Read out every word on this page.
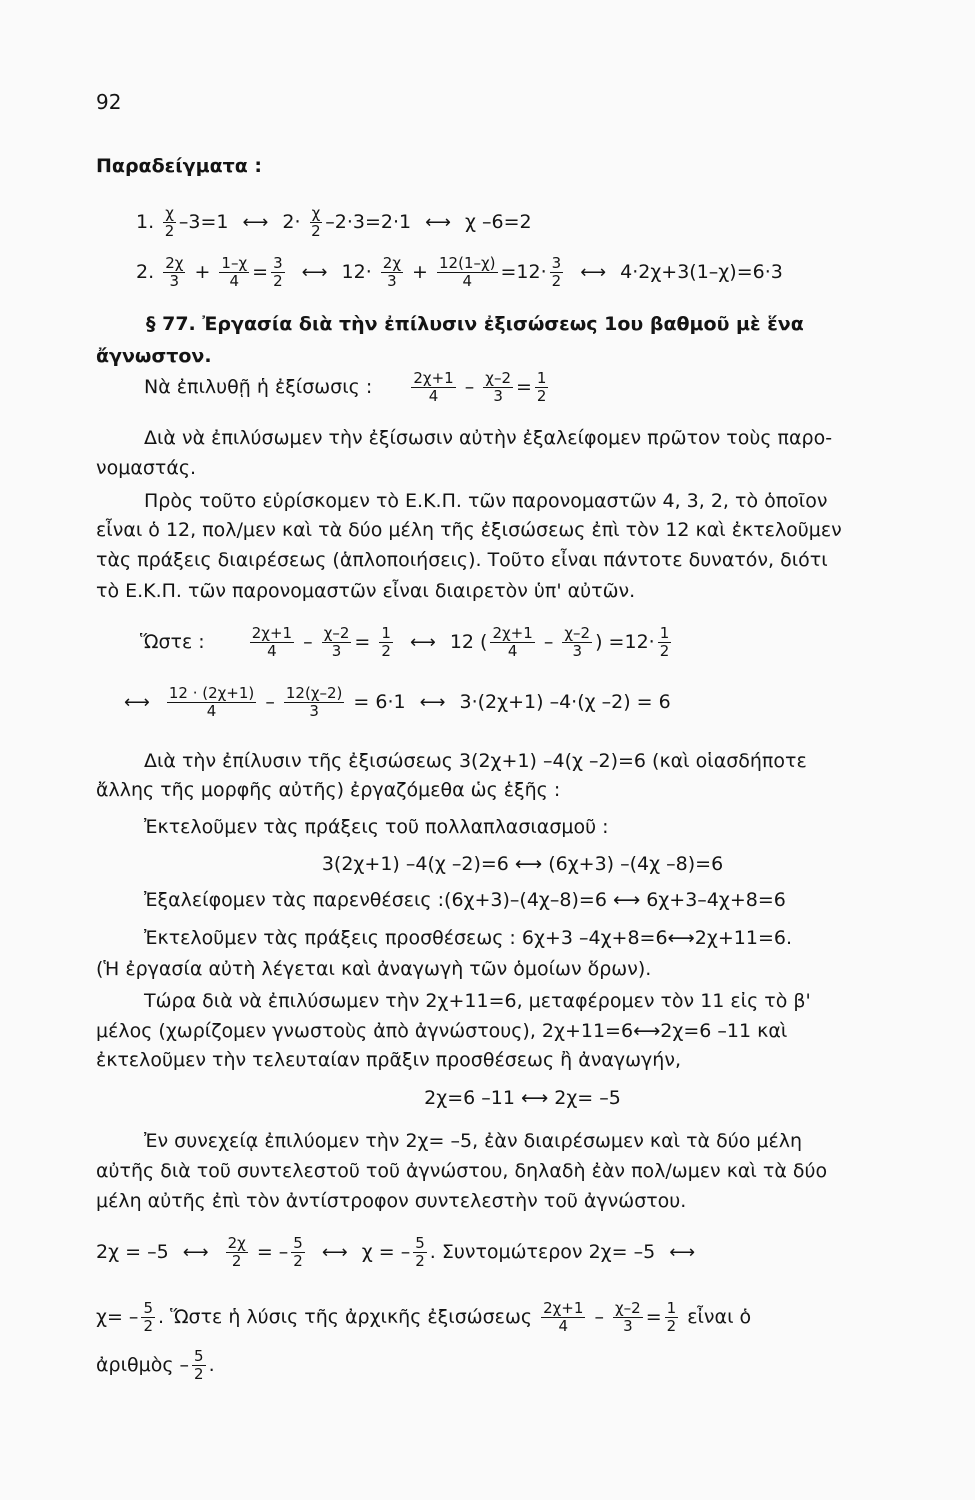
92
Παραδείγματα :
1. $\frac{\chi}{2} -3=1$ ⟷ $2\cdot \frac{\chi}{2} -2\cdot 3=2\cdot 1$ ⟷ χ –6=2
2. $\frac{2\chi}{3} + \frac{1-\chi}{4} = \frac{3}{2}$ ⟷ $12\cdot \frac{2\chi}{3} + \frac{12(1-\chi)}{4} =12\cdot \frac{3}{2}$ ⟷ 4·2χ+3(1–χ)=6·3
§ 77. Ἐργασία διὰ τὴν ἐπίλυσιν ἐξισώσεως 1ου βαθμοῦ μὲ ἕνα
ἄγνωστον.
Νὰ ἐπιλυθῇ ἡ ἐξίσωσις :	$\frac{2\chi+1}{4} - \frac{\chi-2}{3} = \frac{1}{2}$
Διὰ νὰ ἐπιλύσωμεν τὴν ἐξίσωσιν αὐτὴν ἐξαλείφομεν πρῶτον τοὺς παρο-
νομαστάς.
Πρὸς τοῦτο εὑρίσκομεν τὸ Ε.Κ.Π. τῶν παρονομαστῶν 4, 3, 2, τὸ ὁποῖον
εἶναι ὁ 12, πολ/μεν καὶ τὰ δύο μέλη τῆς ἐξισώσεως ἐπὶ τὸν 12 καὶ ἐκτελοῦμεν
τὰς πράξεις διαιρέσεως (ἁπλοποιήσεις). Τοῦτο εἶναι πάντοτε δυνατόν, διότι
τὸ Ε.Κ.Π. τῶν παρονομαστῶν εἶναι διαιρετὸν ὑπ' αὐτῶν.
Ὥστε :	$\frac{2\chi+1}{4} - \frac{\chi-2}{3} = \frac{1}{2}$ ⟷ 12 ( $\frac{2\chi+1}{4} - \frac{\chi-2}{3}$ ) $=12\cdot \frac{1}{2}$
⟷ $\frac{12 \cdot (2\chi+1)}{4} - \frac{12(\chi-2)}{3} = 6\cdot 1$ ⟷ 3·(2χ+1) –4·(χ –2) = 6
Διὰ τὴν ἐπίλυσιν τῆς ἐξισώσεως 3(2χ+1) –4(χ –2)=6 (καὶ οἱασδήποτε
ἄλλης τῆς μορφῆς αὐτῆς) ἐργαζόμεθα ὡς ἑξῆς :
Ἐκτελοῦμεν τὰς πράξεις τοῦ πολλαπλασιασμοῦ :
3(2χ+1) –4(χ –2)=6 ⟷ (6χ+3) –(4χ –8)=6
Ἐξαλείφομεν τὰς παρενθέσεις :(6χ+3)–(4χ–8)=6 ⟷ 6χ+3–4χ+8=6
Ἐκτελοῦμεν τὰς πράξεις προσθέσεως : 6χ+3 –4χ+8=6⟷2χ+11=6.
(Ἡ ἐργασία αὐτὴ λέγεται καὶ ἀναγωγὴ τῶν ὁμοίων ὅρων).
Τώρα διὰ νὰ ἐπιλύσωμεν τὴν 2χ+11=6, μεταφέρομεν τὸν 11 εἰς τὸ β'
μέλος (χωρίζομεν γνωστοὺς ἀπὸ ἀγνώστους), 2χ+11=6⟷2χ=6 –11 καὶ
ἐκτελοῦμεν τὴν τελευταίαν πρᾶξιν προσθέσεως ἢ ἀναγωγήν,
2χ=6 –11 ⟷ 2χ= –5
Ἐν συνεχείᾳ ἐπιλύομεν τὴν 2χ= –5, ἐὰν διαιρέσωμεν καὶ τὰ δύο μέλη
αὐτῆς διὰ τοῦ συντελεστοῦ τοῦ ἀγνώστου, δηλαδὴ ἐὰν πολ/ωμεν καὶ τὰ δύο
μέλη αὐτῆς ἐπὶ τὸν ἀντίστροφον συντελεστὴν τοῦ ἀγνώστου.
2χ = –5 ⟷ $\frac{2\chi}{2}$ = – $\frac{5}{2}$ ⟷ χ = – $\frac{5}{2}$ . Συντομώτερον 2χ= –5 ⟷
$\chi= - \frac{5}{2}$ . Ὥστε ἡ λύσις τῆς ἀρχικῆς ἐξισώσεως $\frac{2\chi+1}{4} - \frac{\chi-2}{3} = \frac{1}{2}$ εἶναι ὁ
ἀριθμὸς – $\frac{5}{2}$ .
